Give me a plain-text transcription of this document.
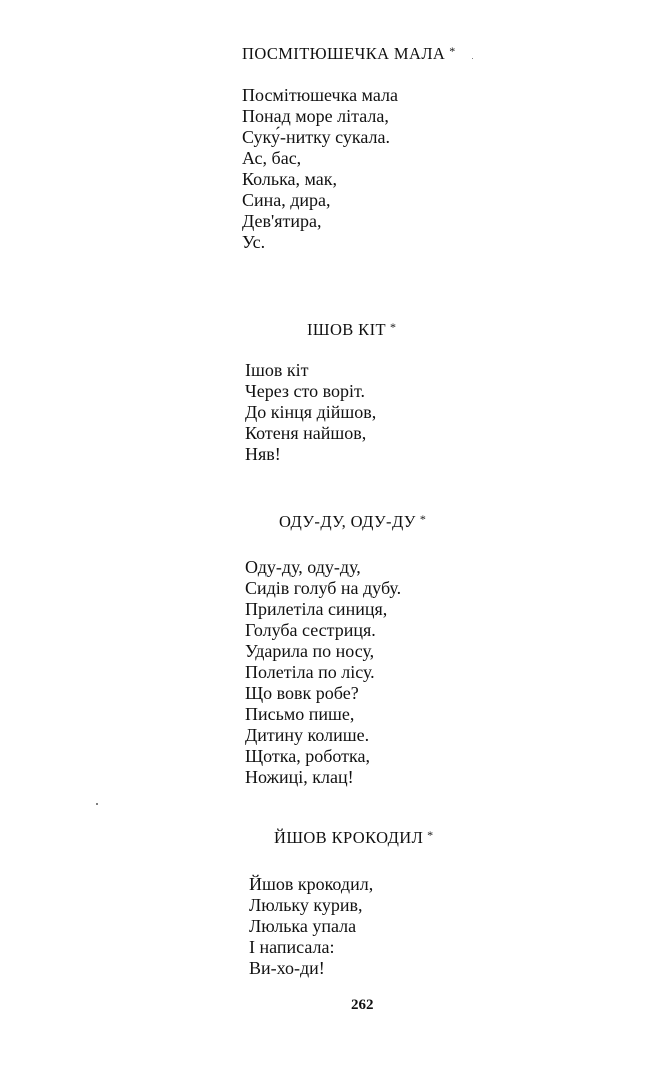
ПОСМІТЮШЕЧКА МАЛА *
Посмітюшечка мала
Понад море літала,
Суку́-нитку сукала.
Ас, бас,
Колька, мак,
Сина, дира,
Дев'ятира,
Ус.
ІШОВ КІТ *
Ішов кіт
Через сто воріт.
До кінця дійшов,
Котеня найшов,
Няв!
ОДУ-ДУ, ОДУ-ДУ *
Оду-ду, оду-ду,
Сидів голуб на дубу.
Прилетіла синиця,
Голуба сестриця.
Ударила по носу,
Полетіла по лісу.
Що вовк робе?
Письмо пише,
Дитину колише.
Щотка, роботка,
Ножиці, клац!
ЙШОВ КРОКОДИЛ *
Йшов крокодил,
Люльку курив,
Люлька упала
І написала:
Ви-хо-ди!
262
